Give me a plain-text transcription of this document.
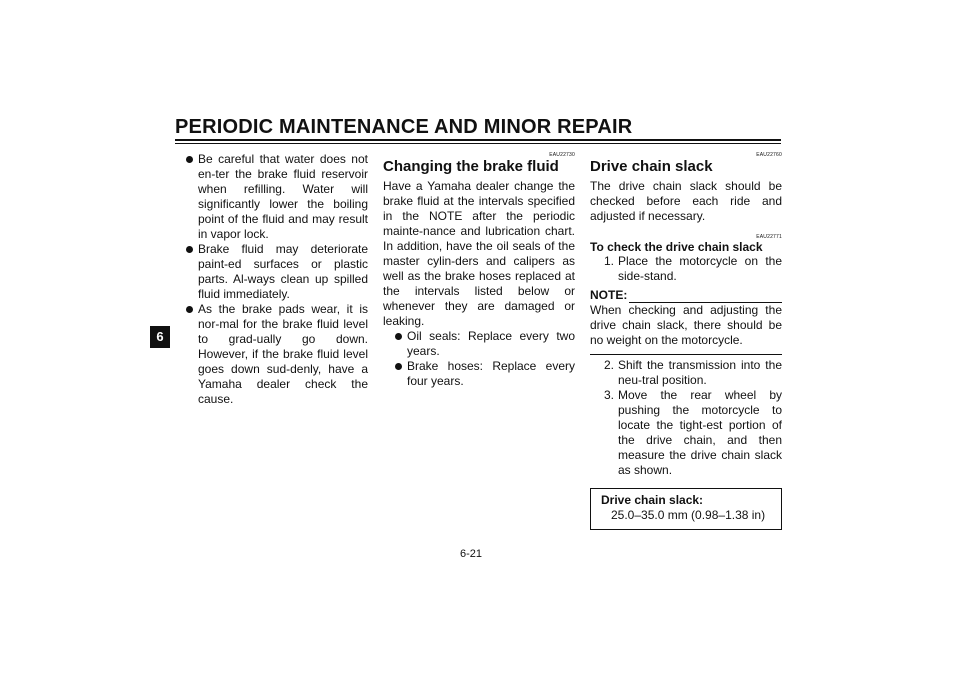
PERIODIC MAINTENANCE AND MINOR REPAIR
6

Be careful that water does not en-ter the brake fluid reservoir when refilling. Water will significantly lower the boiling point of the fluid and may result in vapor lock.

Brake fluid may deteriorate paint-ed surfaces or plastic parts. Al-ways clean up spilled fluid immediately.

As the brake pads wear, it is nor-mal for the brake fluid level to grad-ually go down. However, if the brake fluid level goes down sud-denly, have a Yamaha dealer check the cause.

EAU22730
Changing the brake fluid

Have a Yamaha dealer change the brake fluid at the intervals specified in the NOTE after the periodic mainte-nance and lubrication chart. In addition, have the oil seals of the master cylin-ders and calipers as well as the brake hoses replaced at the intervals listed below or whenever they are damaged or leaking.

Oil seals: Replace every two years.

Brake hoses: Replace every four years.

EAU22760
Drive chain slack

The drive chain slack should be checked before each ride and adjusted if necessary.

EAU22771
To check the drive chain slack
1. Place the motorcycle on the side-stand.

NOTE:

When checking and adjusting the drive chain slack, there should be no weight on the motorcycle.

2. Shift the transmission into the neu-tral position.

3. Move the rear wheel by pushing the motorcycle to locate the tight-est portion of the drive chain, and then measure the drive chain slack as shown.

Drive chain slack:
25.0–35.0 mm (0.98–1.38 in)
6-21
